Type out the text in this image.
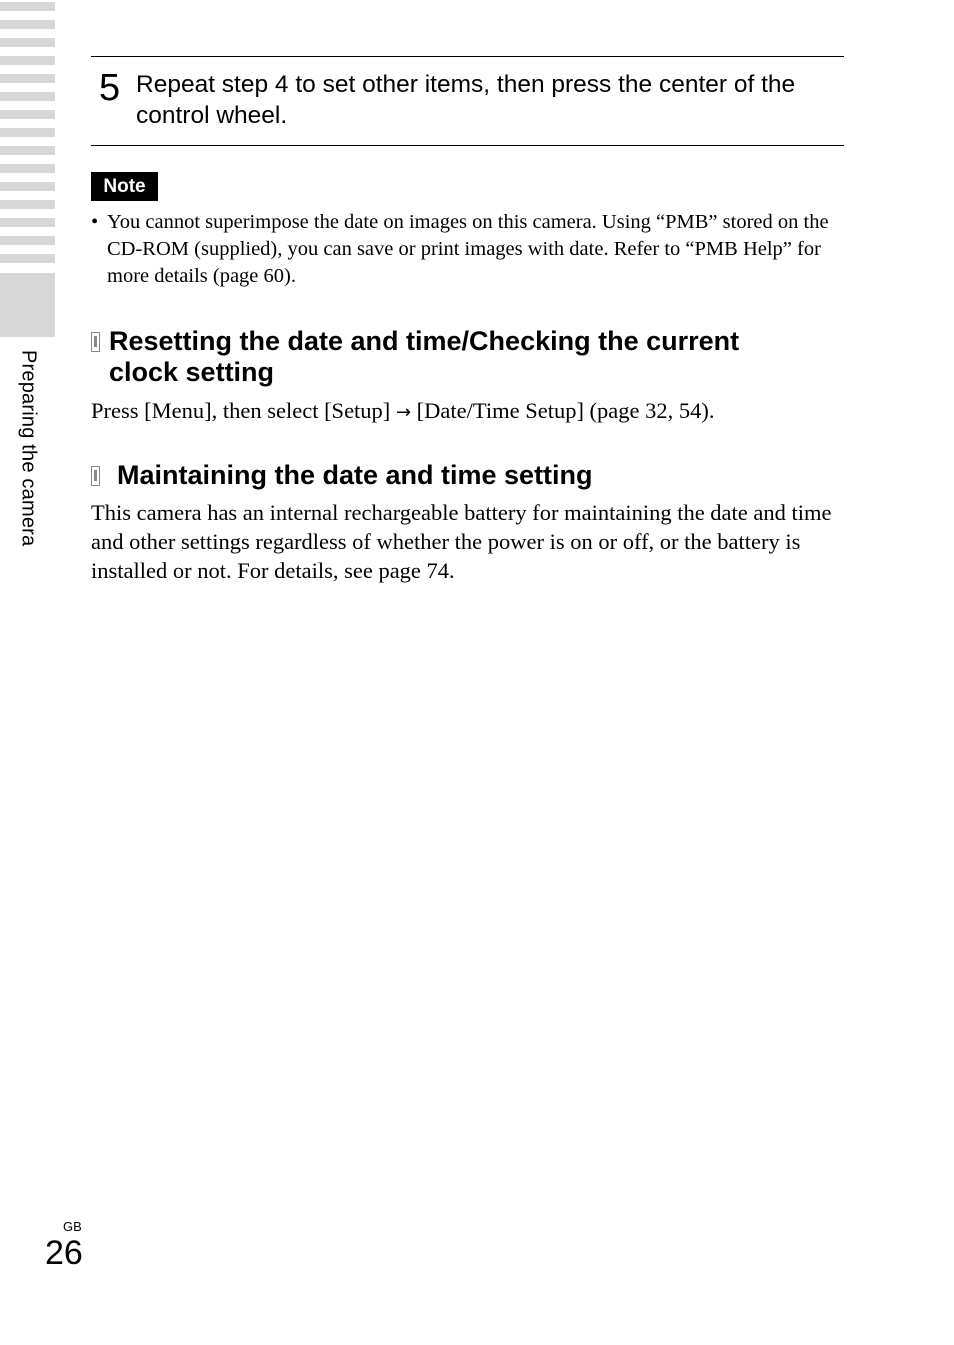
Preparing the camera
5 Repeat step 4 to set other items, then press the center of the control wheel.
Note
• You cannot superimpose the date on images on this camera. Using “PMB” stored on the CD-ROM (supplied), you can save or print images with date. Refer to “PMB Help” for more details (page 60).
Resetting the date and time/Checking the current clock setting
Press [Menu], then select [Setup] → [Date/Time Setup] (page 32, 54).
Maintaining the date and time setting
This camera has an internal rechargeable battery for maintaining the date and time and other settings regardless of whether the power is on or off, or the battery is installed or not. For details, see page 74.
GB
26
